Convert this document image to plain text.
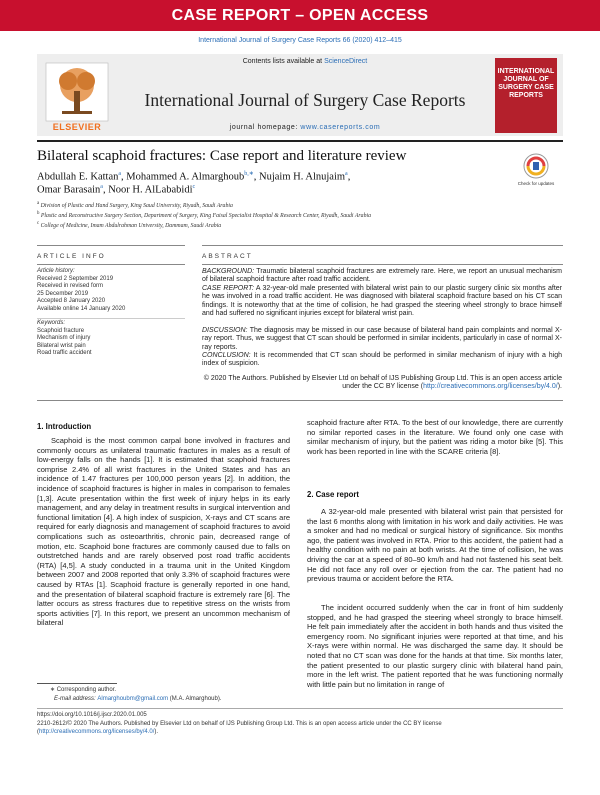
CASE REPORT – OPEN ACCESS
International Journal of Surgery Case Reports 66 (2020) 412–415
ELSEVIER
Contents lists available at ScienceDirect
International Journal of Surgery Case Reports
journal homepage: www.casereports.com
INTERNATIONAL JOURNAL OF SURGERY CASE REPORTS
Bilateral scaphoid fractures: Case report and literature review
Check for updates
Abdullah E. Kattan$^a$, Mohammed A. Almarghoub$^{b,∗}$, Nujaim H. Alnujaim$^a$,
Omar Barasain$^a$, Noor H. AlLababidi$^c$
$^a$ Division of Plastic and Hand Surgery, King Saud University, Riyadh, Saudi Arabia
$^b$ Plastic and Reconstructive Surgery Section, Department of Surgery, King Faisal Specialist Hospital & Research Center, Riyadh, Saudi Arabia
$^c$ College of Medicine, Imam Abdulrahman University, Dammam, Saudi Arabia
ARTICLE INFO	ABSTRACT
Article history:
Received 2 September 2019
Received in revised form
25 December 2019
Accepted 8 January 2020
Available online 14 January 2020
Keywords:
Scaphoid fracture
Mechanism of injury
Bilateral wrist pain
Road traffic accident
BACKGROUND: Traumatic bilateral scaphoid fractures are extremely rare. Here, we report an unusual mechanism of bilateral scaphoid fracture after road traffic accident.
CASE REPORT: A 32-year-old male presented with bilateral wrist pain to our plastic surgery clinic six months after he was involved in a road traffic accident. He was diagnosed with bilateral scaphoid fracture based on his CT scan findings. It is noteworthy that at the time of collision, he had grasped the steering wheel strongly to brace himself and had suffered no significant injuries except for bilateral wrist pain.
DISCUSSION: The diagnosis may be missed in our case because of bilateral hand pain complaints and normal X-ray report. Thus, we suggest that CT scan should be performed in similar incidents, particularly in case of normal X-ray reports.
CONCLUSION: It is recommended that CT scan should be performed in similar mechanism of injury with a high index of suspicion.
© 2020 The Authors. Published by Elsevier Ltd on behalf of IJS Publishing Group Ltd. This is an open access article under the CC BY license (http://creativecommons.org/licenses/by/4.0/).
1. Introduction
Scaphoid is the most common carpal bone involved in fractures and commonly occurs as unilateral traumatic fractures in males as a result of low-energy falls on the hands [1]. It is estimated that scaphoid fractures comprise 2.4% of all wrist fractures in the United States and has an incidence of 1.47 fractures per 100,000 person years [2]. In addition, the incidence of scaphoid fractures is higher in males in comparison to females [1,3]. Acute presentation within the first week of injury helps in its early management, and any delay in treatment results in surgical intervention and functional limitation [4]. A high index of suspicion, X-rays and CT scans are required for early diagnosis and management of scaphoid fractures to avoid complications such as osteoarthritis, chronic pain, decreased range of motion, etc. Scaphoid bone fractures are commonly caused due to falls on outstretched hands and are rarely observed post road traffic accidents (RTA) [4,5]. A study conducted in a trauma unit in the United Kingdom between 2007 and 2008 reported that only 3.3% of scaphoid fractures were caused by RTAs [1]. Scaphoid fracture is generally reported in one hand, and the presentation of bilateral scaphoid fracture is extremely rare [6]. The latter occurs as stress fractures due to repetitive stress on the wrists from sports activities [7]. In this report, we present an uncommon mechanism of bilateral
scaphoid fracture after RTA. To the best of our knowledge, there are currently no similar reported cases in the literature. We found only one case with similar mechanism of injury, but the patient was riding a motor bike [5]. This work has been reported in line with the SCARE criteria [8].
2. Case report
A 32-year-old male presented with bilateral wrist pain that persisted for the last 6 months along with limitation in his work and daily activities. He was a smoker and had no medical or surgical history of significance. Six months ago, the patient was involved in RTA. Prior to this accident, the patient had a healthy condition with no pain at both wrists. At the time of collision, he was driving the car at a speed of 80–90 km/h and had not fastened his seat belt. He did not face any roll over or ejection from the car. The patient had no previous trauma or accident before the RTA.
The incident occurred suddenly when the car in front of him suddenly stopped, and he had grasped the steering wheel strongly to brace himself. He felt pain immediately after the accident in both hands and thus visited the emergency room. No significant injuries were reported at that time, and his X-rays were within normal. He was discharged the same day. It should be noted that no CT scan was done for the hands at that time. Six months later, the patient presented to our plastic surgery clinic with bilateral hand pain, more in the left wrist. The patient reported that he was functioning normally with little pain but no limitation in range of
∗ Corresponding author.
E-mail address: Almarghoubm@gmail.com (M.A. Almarghoub).
https://doi.org/10.1016/j.ijscr.2020.01.005
2210-2612/© 2020 The Authors. Published by Elsevier Ltd on behalf of IJS Publishing Group Ltd. This is an open access article under the CC BY license (http://creativecommons.org/licenses/by/4.0/).
